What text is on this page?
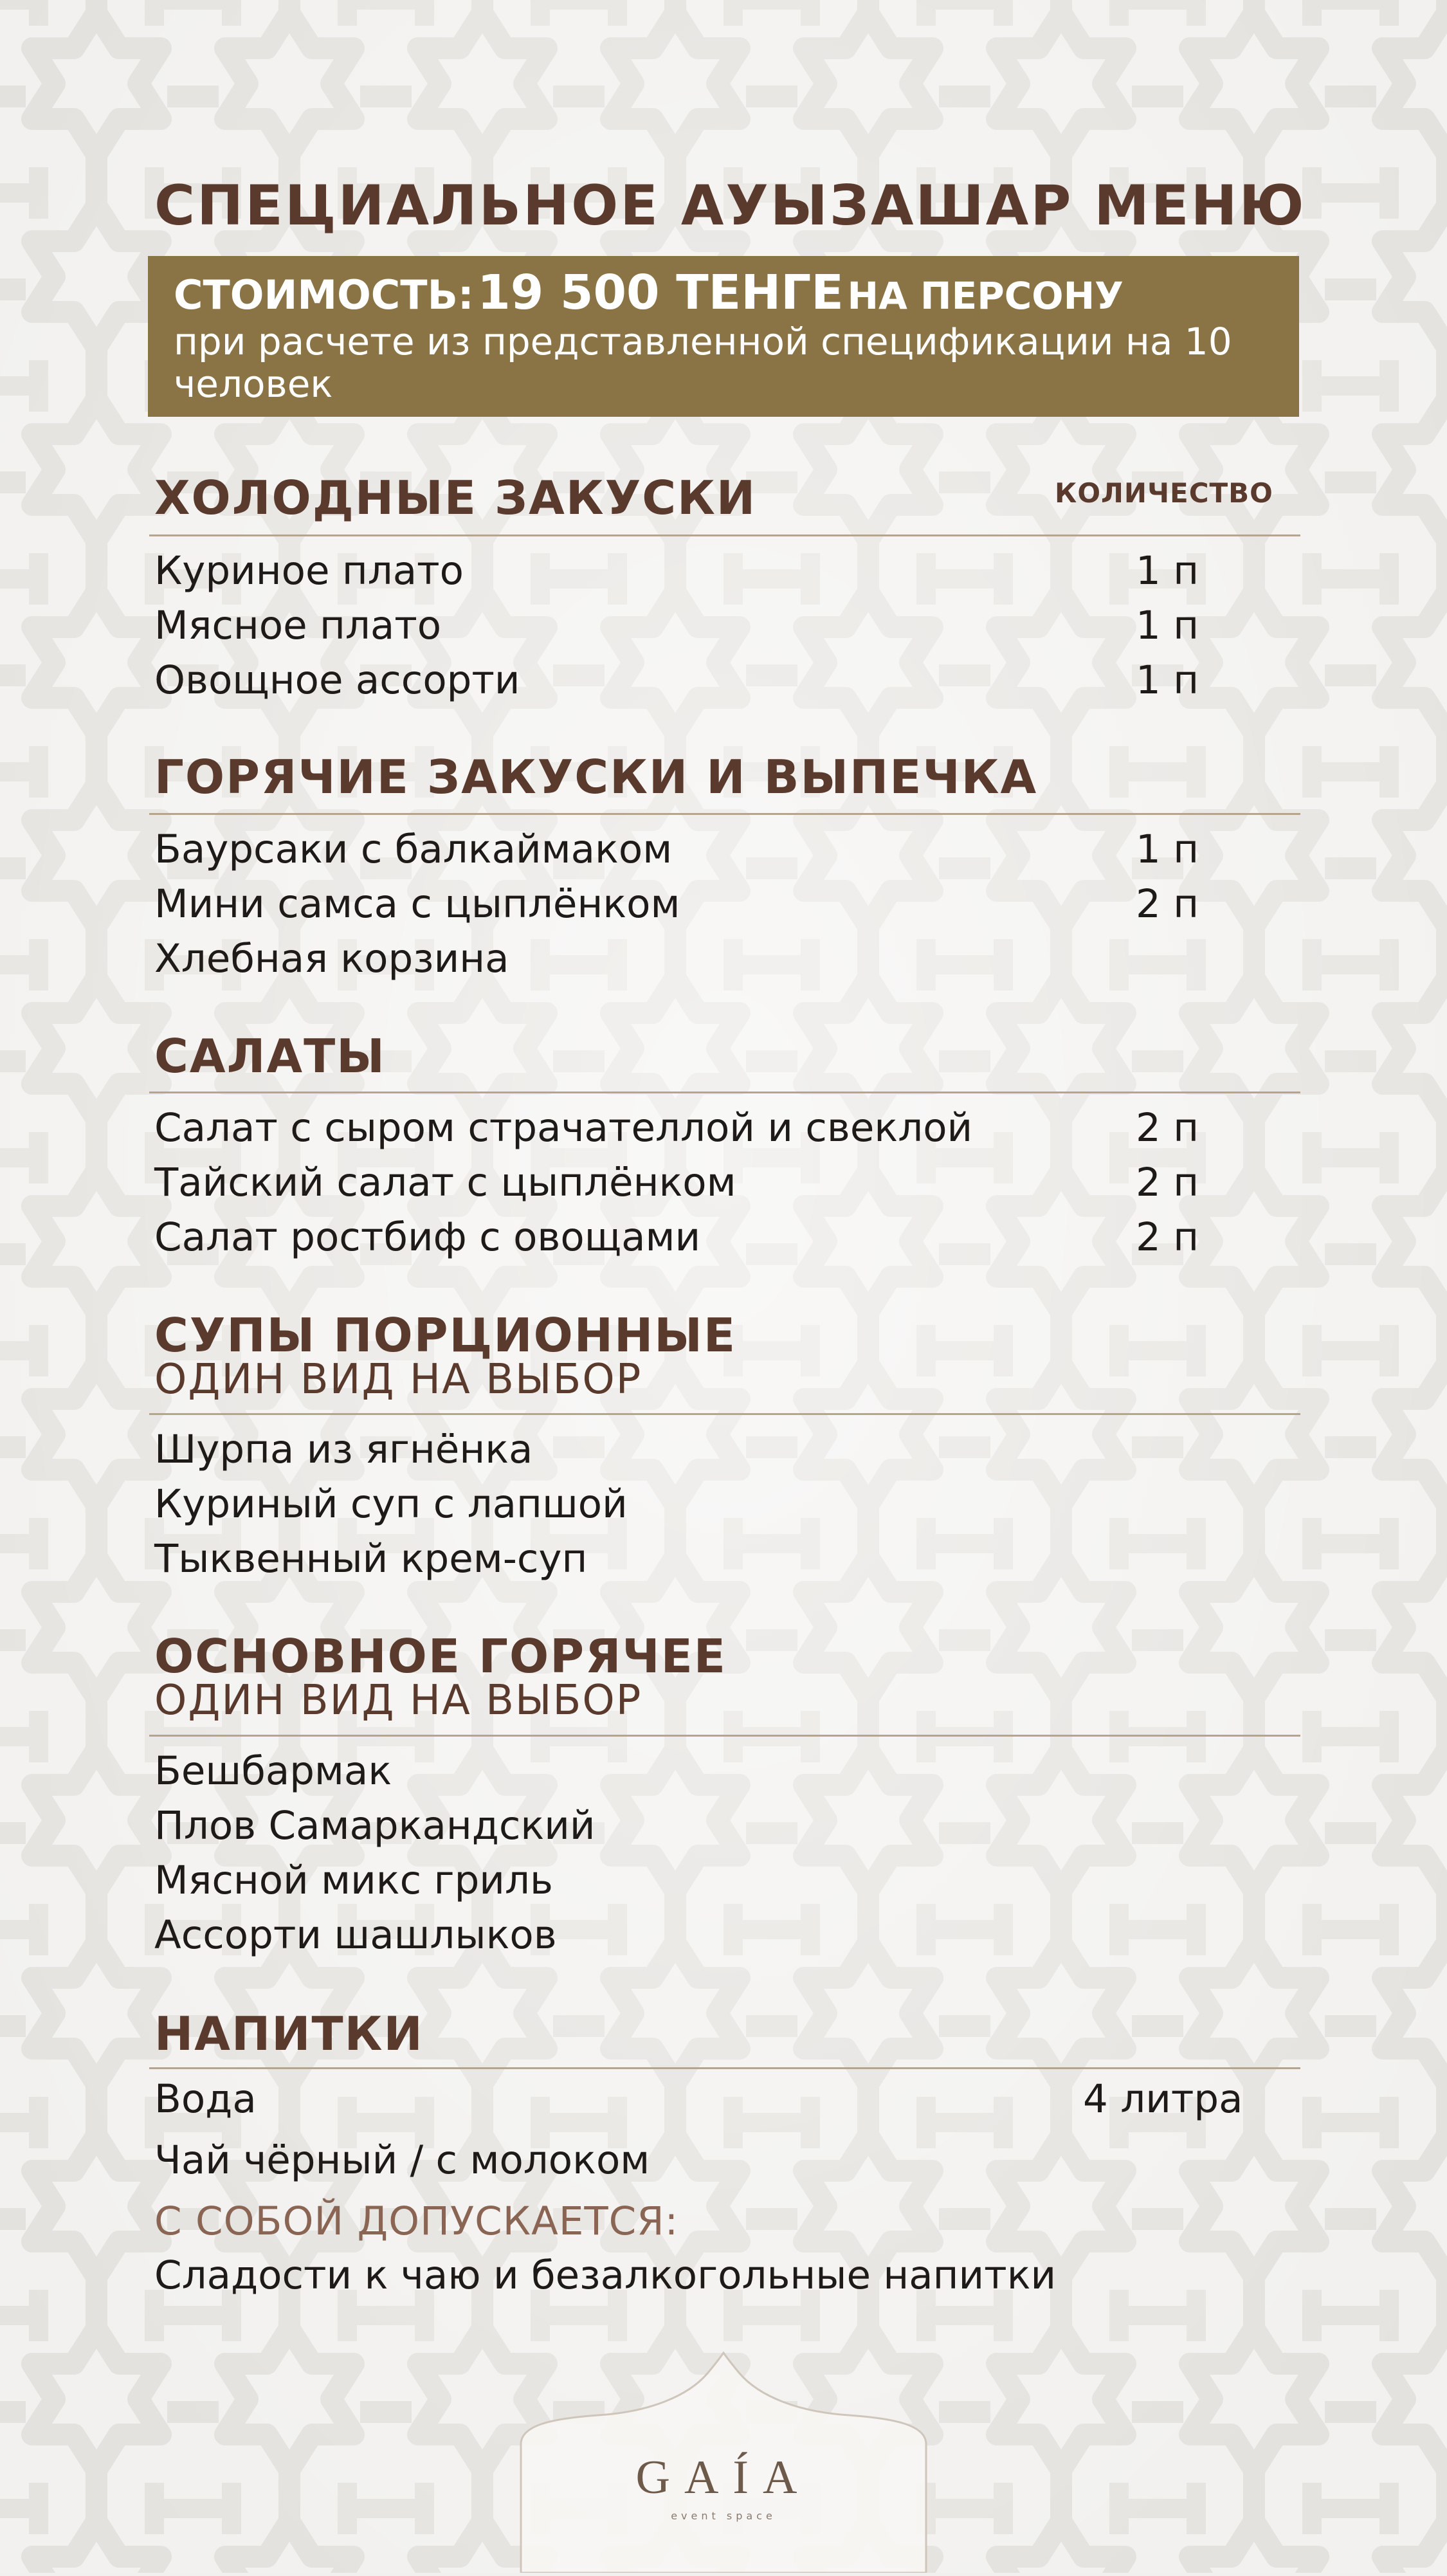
СПЕЦИАЛЬНОЕ АУЫЗАШАР МЕНЮ
СТОИМОСТЬ: 19 500 ТЕНГЕ НА ПЕРСОНУ
при расчете из представленной спецификации на 10 человек
ХОЛОДНЫЕ ЗАКУСКИ	КОЛИЧЕСТВО
Куриное плато	1 п
Мясное плато	1 п
Овощное ассорти	1 п
ГОРЯЧИЕ ЗАКУСКИ И ВЫПЕЧКА
Баурсаки с балкаймаком	1 п
Мини самса с цыплёнком	2 п
Хлебная корзина
САЛАТЫ
Салат с сыром страчателлой и свеклой	2 п
Тайский салат с цыплёнком	2 п
Салат ростбиф с овощами	2 п
СУПЫ ПОРЦИОННЫЕ
ОДИН ВИД НА ВЫБОР
Шурпа из ягнёнка
Куриный суп с лапшой
Тыквенный крем-суп
ОСНОВНОЕ ГОРЯЧЕЕ
ОДИН ВИД НА ВЫБОР
Бешбармак
Плов Самаркандский
Мясной микс гриль
Ассорти шашлыков
НАПИТКИ
Вода	4 литра
Чай чёрный / с молоком
С СОБОЙ ДОПУСКАЕТСЯ:
Сладости к чаю и безалкогольные напитки
GAÍA
event space
